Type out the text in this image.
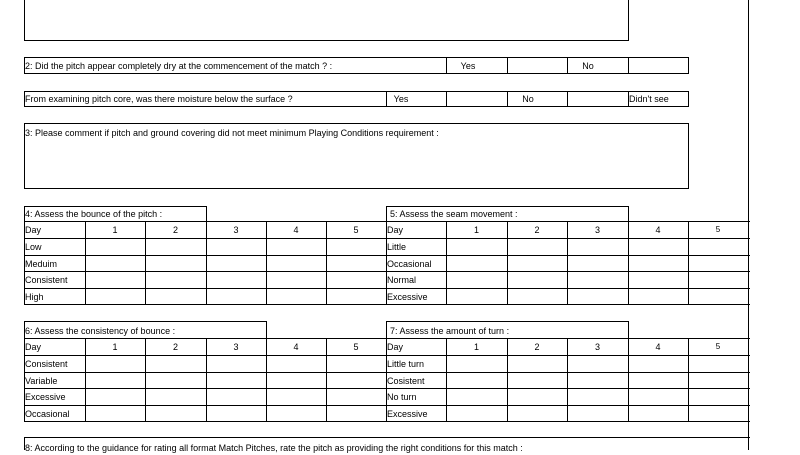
2: Did the pitch appear completely dry at the commencement of the match ? :	Yes	No
From examining pitch core, was there moisture below the surface ?	Yes	No	Didn't see
3: Please comment if pitch and ground covering did not meet minimum Playing Conditions requirement :
4: Assess the bounce of the pitch :
Day	1	2	3	4	5
Low
Meduim
Consistent
High
5: Assess the seam movement :
Day	1	2	3	4	5
Little
Occasional
Normal
Excessive
6: Assess the consistency of bounce :
Day	1	2	3	4	5
Consistent
Variable
Excessive
Occasional
7: Assess the amount of turn :
Day	1	2	3	4	5
Little turn
Cosistent
No turn
Excessive
8: According to the guidance for rating all format Match Pitches, rate the pitch as providing the right conditions for this match :
